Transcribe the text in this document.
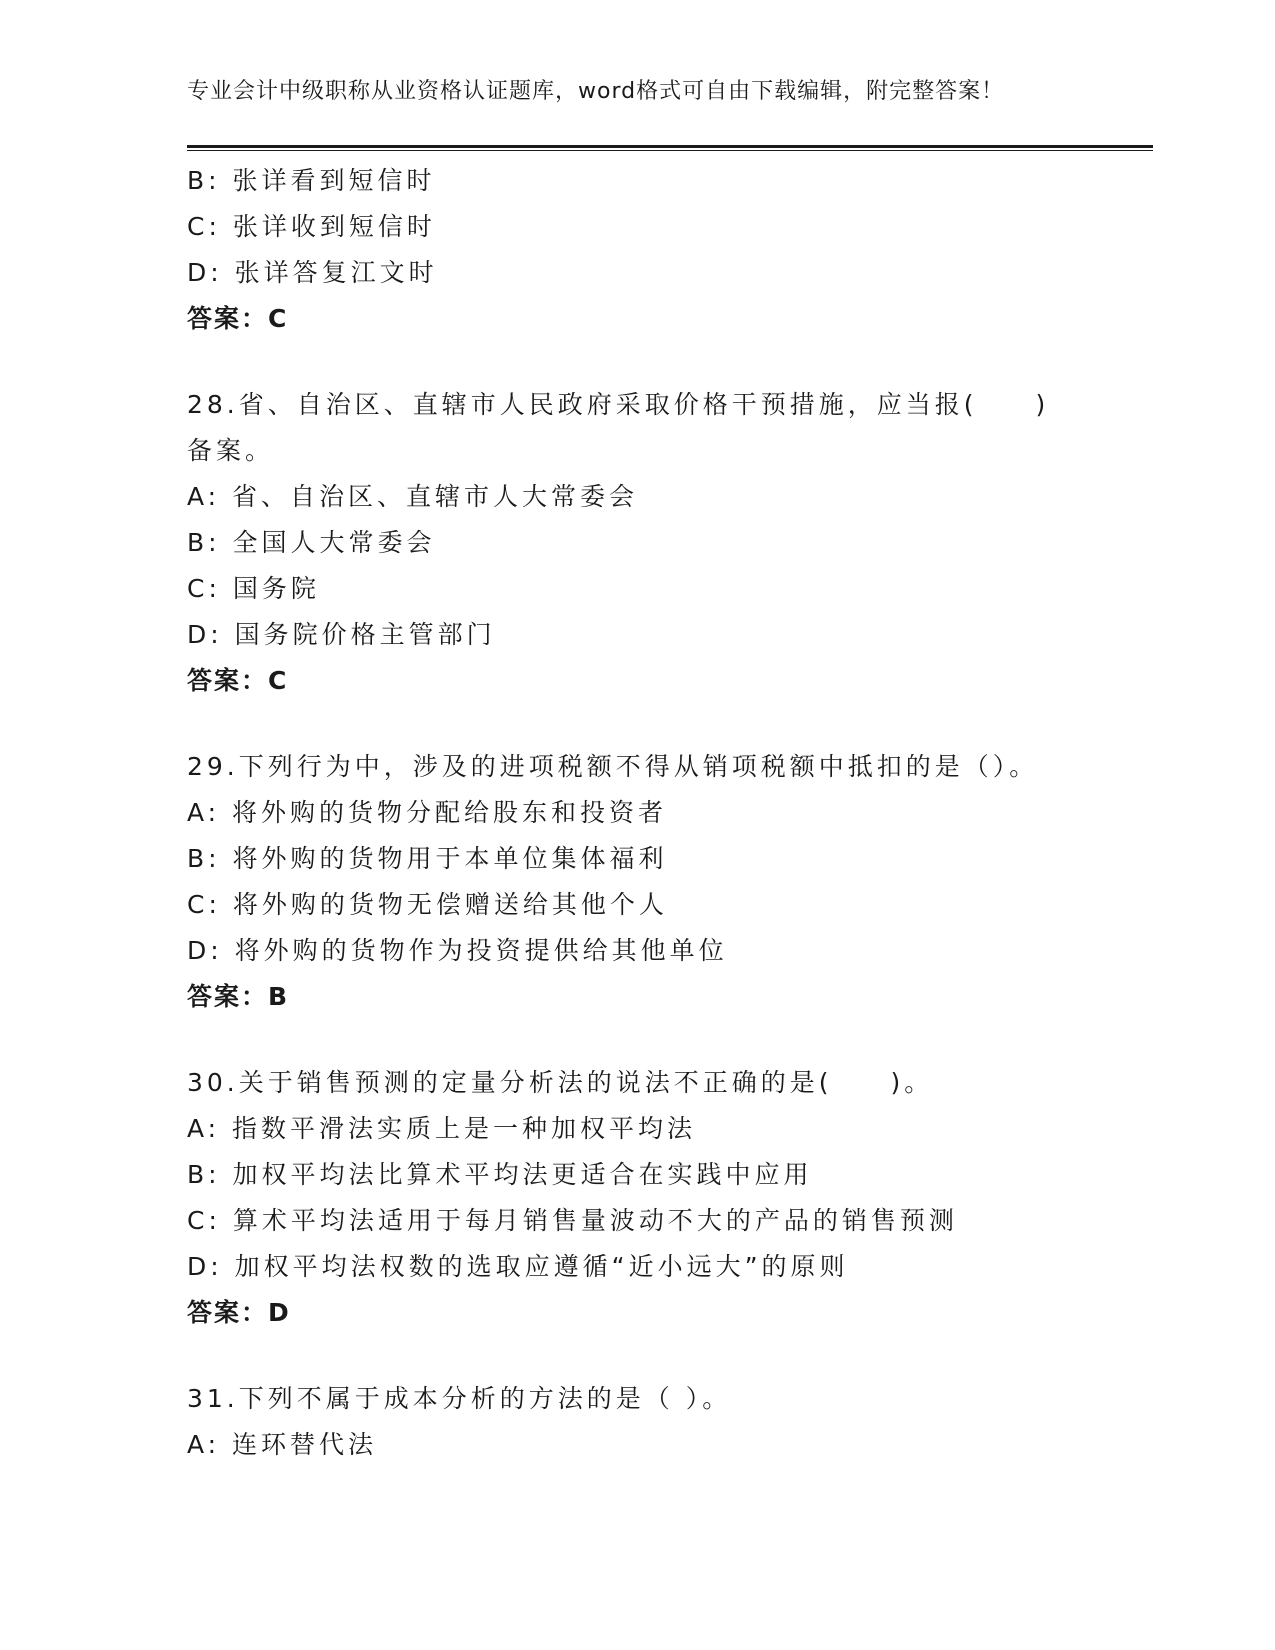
专业会计中级职称从业资格认证题库，word格式可自由下载编辑，附完整答案！
B: 张详看到短信时
C: 张详收到短信时
D: 张详答复江文时
答案：C
28.省、自治区、直辖市人民政府采取价格干预措施，应当报(　　)备案。
A: 省、自治区、直辖市人大常委会
B: 全国人大常委会
C: 国务院
D: 国务院价格主管部门
答案：C
29.下列行为中，涉及的进项税额不得从销项税额中抵扣的是（）。
A: 将外购的货物分配给股东和投资者
B: 将外购的货物用于本单位集体福利
C: 将外购的货物无偿赠送给其他个人
D: 将外购的货物作为投资提供给其他单位
答案：B
30.关于销售预测的定量分析法的说法不正确的是(　　)。
A: 指数平滑法实质上是一种加权平均法
B: 加权平均法比算术平均法更适合在实践中应用
C: 算术平均法适用于每月销售量波动不大的产品的销售预测
D: 加权平均法权数的选取应遵循“近小远大”的原则
答案：D
31.下列不属于成本分析的方法的是（ ）。
A: 连环替代法
